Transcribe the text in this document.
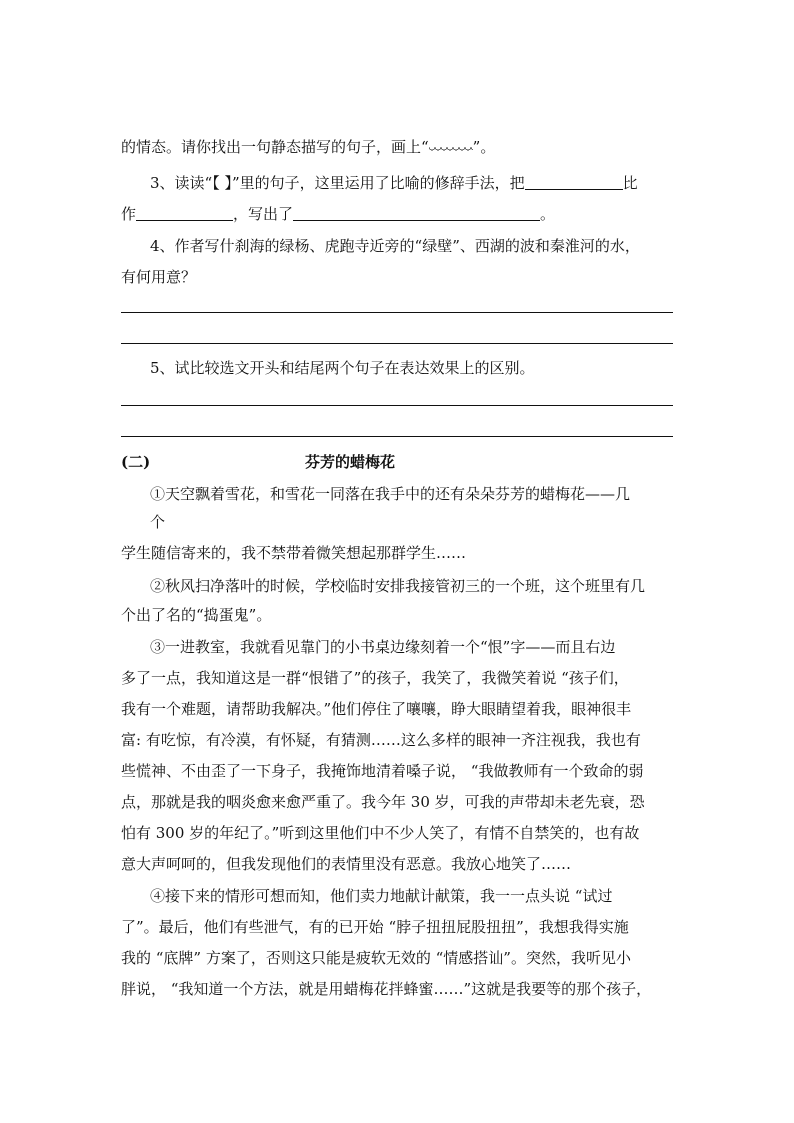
的情态。请你找出一句静态描写的句子，画上“	”。
3、读读“【 】”里的句子，这里运用了比喻的修辞手法，把	比
作	，写出了	。
4、作者写什刹海的绿杨、虎跑寺近旁的“绿壁”、西湖的波和秦淮河的水，
有何用意？
5、试比较选文开头和结尾两个句子在表达效果上的区别。
(二)	芬芳的蜡梅花
①天空飘着雪花，和雪花一同落在我手中的还有朵朵芬芳的蜡梅花——几
个
学生随信寄来的，我不禁带着微笑想起那群学生……
②秋风扫净落叶的时候，学校临时安排我接管初三的一个班，这个班里有几
个出了名的“捣蛋鬼”。
③一进教室，我就看见靠门的小书桌边缘刻着一个“恨”字——而且右边
多了一点，我知道这是一群“恨错了”的孩子，我笑了，我微笑着说 “孩子们，
我有一个难题，请帮助我解决。”他们停住了嚷嚷，睁大眼睛望着我，眼神很丰
富: 有吃惊，有冷漠，有怀疑，有猜测……这么多样的眼神一齐注视我，我也有
些慌神、不由歪了一下身子，我掩饰地清着嗓子说， “我做教师有一个致命的弱
点，那就是我的咽炎愈来愈严重了。我今年 30 岁，可我的声带却未老先衰，恐
怕有 300 岁的年纪了。”听到这里他们中不少人笑了，有情不自禁笑的，也有故
意大声呵呵的，但我发现他们的表情里没有恶意。我放心地笑了……
④接下来的情形可想而知，他们卖力地献计献策，我一一点头说 “试过
了”。最后，他们有些泄气，有的已开始 “脖子扭扭屁股扭扭”，我想我得实施
我的 “底牌” 方案了，否则这只能是疲软无效的 “情感搭讪”。突然，我听见小
胖说， “我知道一个方法，就是用蜡梅花拌蜂蜜……”这就是我要等的那个孩子，
